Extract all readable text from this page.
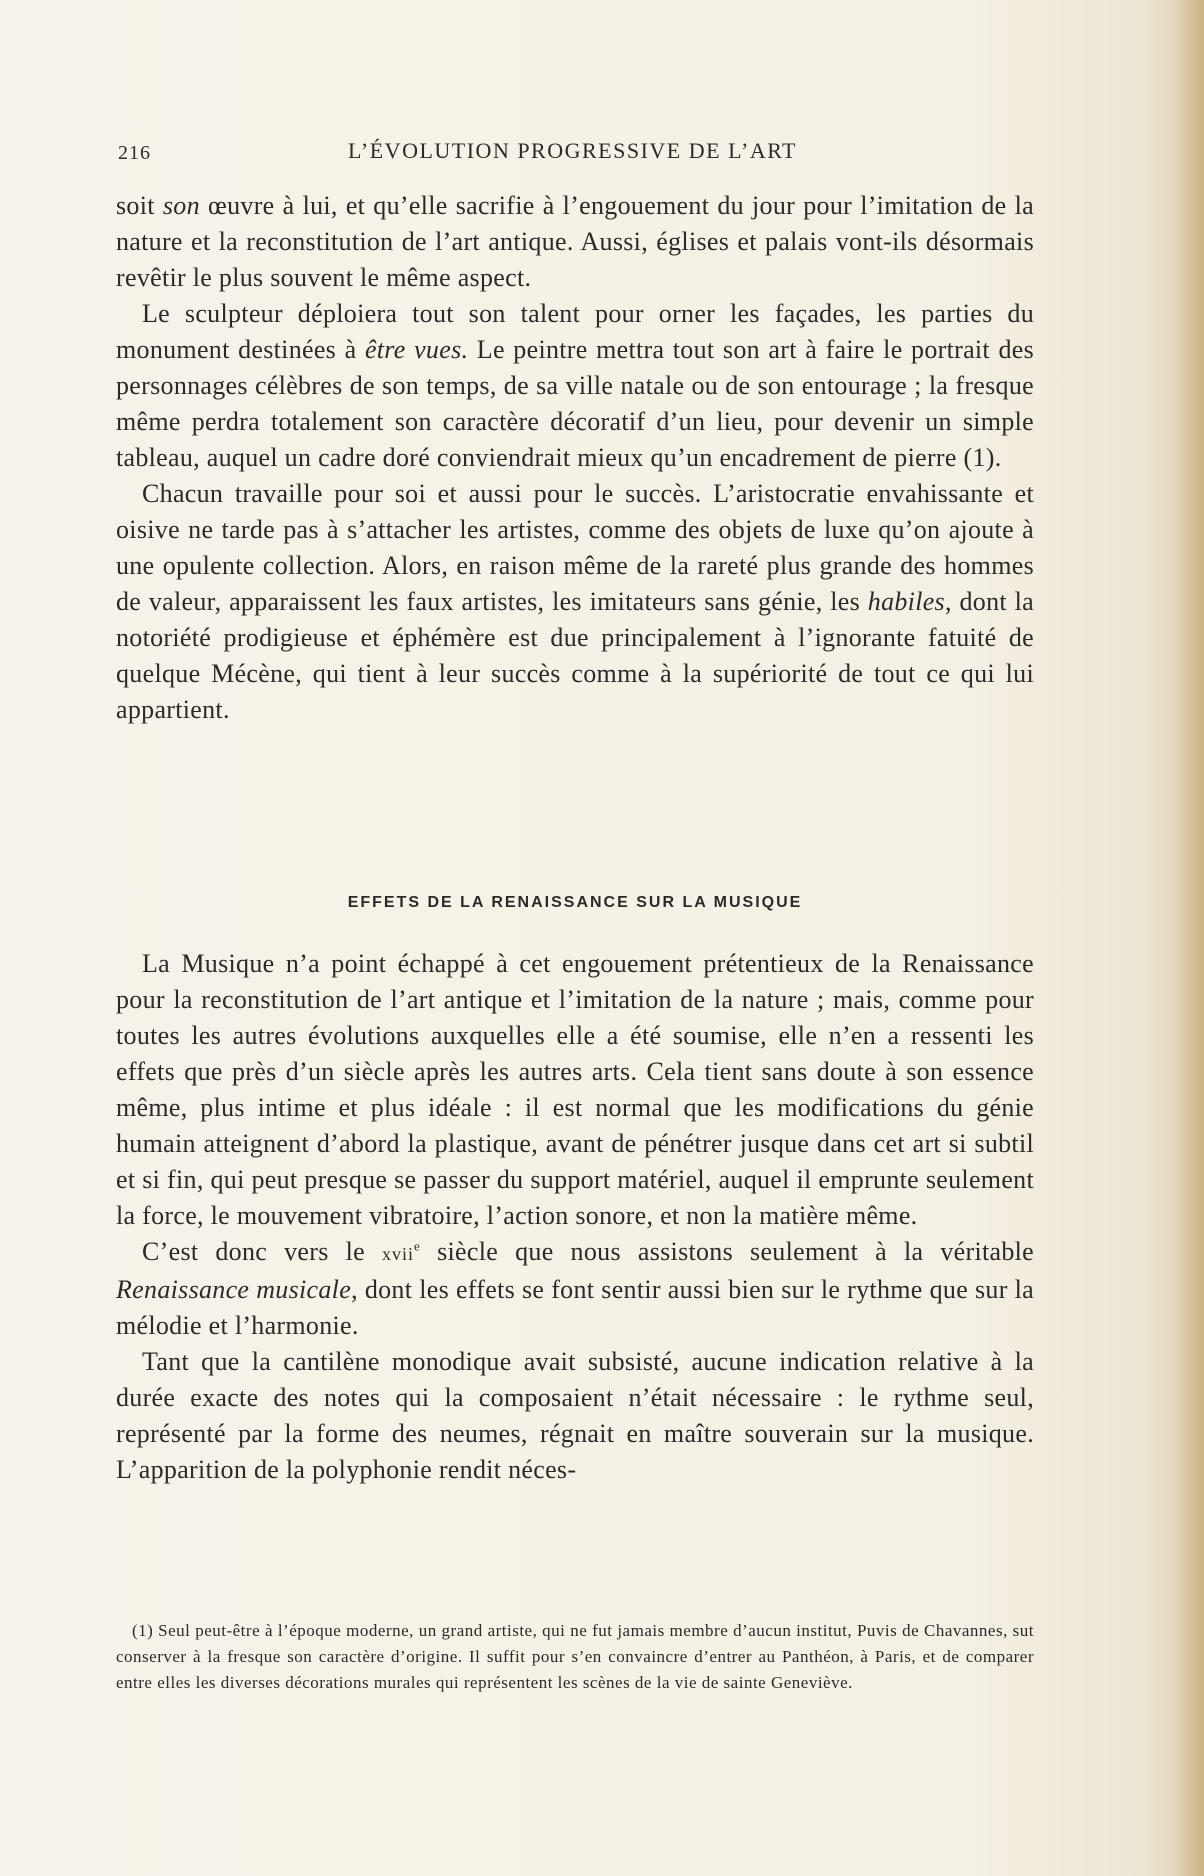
216	L’ÉVOLUTION PROGRESSIVE DE L’ART

soit son œuvre à lui, et qu’elle sacrifie à l’engouement du jour pour l’imitation de la nature et la reconstitution de l’art antique. Aussi, églises et palais vont-ils désormais revêtir le plus souvent le même aspect.

Le sculpteur déploiera tout son talent pour orner les façades, les parties du monument destinées à être vues. Le peintre mettra tout son art à faire le portrait des personnages célèbres de son temps, de sa ville natale ou de son entourage ; la fresque même perdra totalement son caractère décoratif d’un lieu, pour devenir un simple tableau, auquel un cadre doré conviendrait mieux qu’un encadrement de pierre (1).

Chacun travaille pour soi et aussi pour le succès. L’aristocratie envahissante et oisive ne tarde pas à s’attacher les artistes, comme des objets de luxe qu’on ajoute à une opulente collection. Alors, en raison même de la rareté plus grande des hommes de valeur, apparaissent les faux artistes, les imitateurs sans génie, les habiles, dont la notoriété prodigieuse et éphémère est due principalement à l’ignorante fatuité de quelque Mécène, qui tient à leur succès comme à la supériorité de tout ce qui lui appartient.

EFFETS DE LA RENAISSANCE SUR LA MUSIQUE

La Musique n’a point échappé à cet engouement prétentieux de la Renaissance pour la reconstitution de l’art antique et l’imitation de la nature ; mais, comme pour toutes les autres évolutions auxquelles elle a été soumise, elle n’en a ressenti les effets que près d’un siècle après les autres arts. Cela tient sans doute à son essence même, plus intime et plus idéale : il est normal que les modifications du génie humain atteignent d’abord la plastique, avant de pénétrer jusque dans cet art si subtil et si fin, qui peut presque se passer du support matériel, auquel il emprunte seulement la force, le mouvement vibratoire, l’action sonore, et non la matière même.

C’est donc vers le xvii$^e$ siècle que nous assistons seulement à la véritable Renaissance musicale, dont les effets se font sentir aussi bien sur le rythme que sur la mélodie et l’harmonie.

Tant que la cantilène monodique avait subsisté, aucune indication relative à la durée exacte des notes qui la composaient n’était nécessaire : le rythme seul, représenté par la forme des neumes, régnait en maître souverain sur la musique. L’apparition de la polyphonie rendit néces-

(1) Seul peut-être à l’époque moderne, un grand artiste, qui ne fut jamais membre d’aucun institut, Puvis de Chavannes, sut conserver à la fresque son caractère d’origine. Il suffit pour s’en convaincre d’entrer au Panthéon, à Paris, et de comparer entre elles les diverses décorations murales qui représentent les scènes de la vie de sainte Geneviève.
